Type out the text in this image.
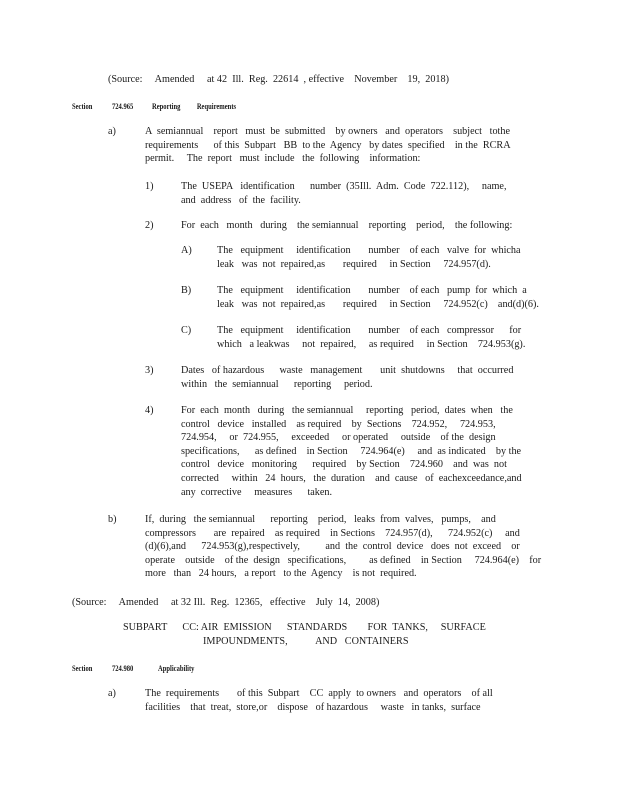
(Source:     Amended     at 42  Ill.  Reg.  22614  , effective    November    19,  2018)
Section 724.965 Reporting          Requirements
a)	A  semiannual    report   must  be  submitted    by owners   and  operators    subject   tothe
requirements      of this  Subpart   BB  to the  Agency   by dates  specified    in the  RCRA
permit.     The  report   must  include   the  following    information:
1)	The  USEPA   identification      number  (35Ill.  Adm.  Code  722.112),     name,
and  address   of  the  facility.
2)	For  each   month   during    the semiannual    reporting    period,    the following:
A) The   equipment     identification       number    of each   valve  for  whicha
leak   was  not  repaired,as       required     in Section     724.957(d).
B)	The   equipment     identification       number    of each   pump  for  which  a
leak   was  not  repaired,as       required     in Section     724.952(c)    and(d)(6).
C)	The   equipment     identification       number    of each   compressor      for
which   a leakwas     not  repaired,     as required     in Section    724.953(g).
3)	Dates   of hazardous      waste   management       unit  shutdowns     that  occurred
within   the  semiannual      reporting     period.
4)	For  each  month   during   the semiannual     reporting   period,  dates  when   the
control   device   installed    as required    by  Sections    724.952,     724.953,
724.954,     or  724.955,     exceeded     or operated     outside    of the  design
specifications,      as defined    in Section     724.964(e)     and  as indicated    by the
control   device   monitoring      required    by Section    724.960    and  was  not
corrected     within   24  hours,   the  duration    and  cause   of  eachexceedance,and
any  corrective     measures      taken.
b)	If,  during   the semiannual      reporting    period,   leaks  from  valves,   pumps,    and
compressors       are  repaired    as required    in Sections    724.957(d),      724.952(c)     and
(d)(6),and      724.953(g),respectively,          and  the  control  device   does  not  exceed    or
operate    outside    of the  design   specifications,         as defined    in Section     724.964(e)    for
more   than   24 hours,   a report   to the  Agency    is not  required.
(Source:     Amended     at 32 Ill.  Reg.  12365,   effective    July  14,  2008)
SUBPART      CC: AIR  EMISSION      STANDARDS        FOR  TANKS,     SURFACE
IMPOUNDMENTS,           AND   CONTAINERS
Section 724.980	Applicability
a)	The  requirements       of this  Subpart    CC  apply  to owners   and  operators    of all
facilities    that  treat,  store,or    dispose   of hazardous     waste   in tanks,  surface
